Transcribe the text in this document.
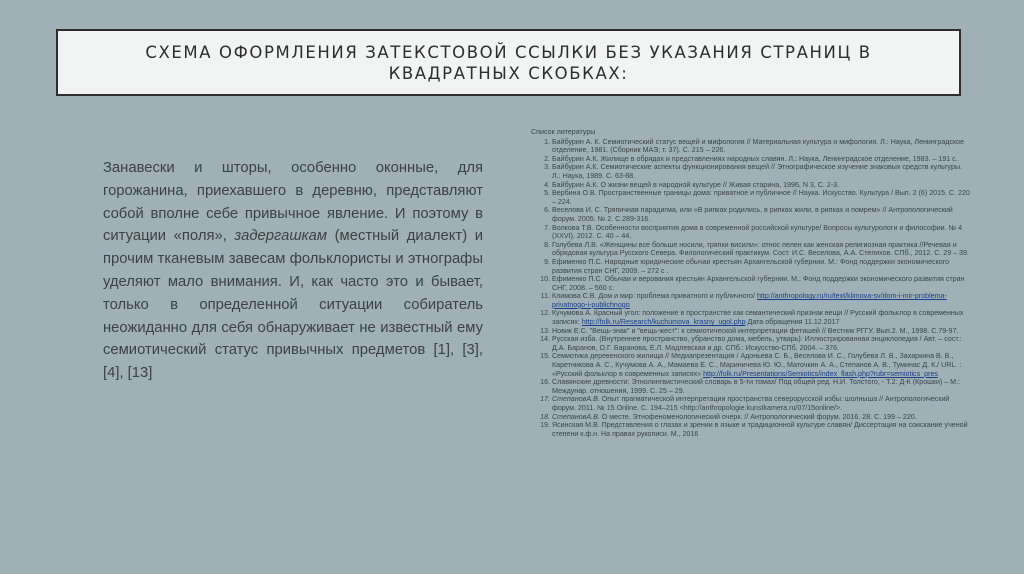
СХЕМА ОФОРМЛЕНИЯ ЗАТЕКСТОВОЙ ССЫЛКИ БЕЗ УКАЗАНИЯ СТРАНИЦ В КВАДРАТНЫХ СКОБКАХ:
Занавески и шторы, особенно оконные, для горожанина, приехавшего в деревню, представляют собой вполне себе привычное явление. И поэтому в ситуации «поля», задергашкам (местный диалект) и прочим тканевым завесам фольклористы и этнографы уделяют мало внимания. И, как часто это и бывает, только в определенной ситуации собиратель неожиданно для себя обнаруживает не известный ему семиотический статус привычных предметов [1], [3], [4], [13]
Список литературы
1. Байбурин А. К. Семиотический статус вещей и мифология // Материальная культура и мифология. Л.: Наука, Ленинградское отделение, 1981. (Сборник МАЭ; т. 37). С. 215 – 226.
2. Байбурин А.К. Жилище в обрядах и представлениях народных славян. Л.: Наука, Ленинградское отделение, 1983. – 191 с.
3. Байбурин А.К. Семиотические аспекты функционирования вещей // Этнографическое изучение знаковых средств культуры. Л.: Наука, 1989. С. 63-88.
4. Байбурин А.К. О жизни вещей в народной культуре // Живая старина, 1996, N 3, С. 2-3.
5. Вербина О.В. Пространственные границы дома: приватное и публичное // Наука. Искусство. Культура / Вып. 2 (6) 2015. С. 220 – 224.
6. Веселова И. С. Тряпичная парадигма, или «В рипках родились, в рипках жили, в рипках и помрем» // Антропологический форум. 2005. № 2. С.289-316.
7. Волкова Т.В. Особенности восприятия дома в современной российской культуре/ Вопросы культурологи и философии. № 4 (XXVI), 2012. С. 40 – 44.
8. Голубева Л.В. «Женщины все больше носили, тряпки висили»: относ пелен как женская религиозная практика //Речевая и обрядовая культура Русского Севера. Филологический практикум. Сост. И.С. Веселова, А.А. Степихов. СПб., 2012. С. 29 – 39.
9. Ефименко П.С. Народные юридические обычаи крестьян Архангельской губернии. М.: Фонд поддержки экономического развития стран СНГ, 2009. – 272 с .
10. Ефименко П.С. Обычаи и верования крестьян Архангельской губернии. М.: Фонд поддержки экономического развития стран СНГ, 2008. – 560 с.
11. Климова С.В. Дом и мир: проблема приватного и публичного/ http://anthropology.ru/ru/text/klimova-sv/dom-i-mir-problema-privatnogo-i-publichnogo
12. Кучумова А. Красный угол: положение в пространстве как семантический признак вещи // Русский фольклор в современных записях: http://folk.ru/Research/kuchumova_krasny_ugol.php Дата обращения 11.12.2017
13. Новик Е.С. "Вещь-знак" и "вещь-жест": к семиотической интерпретации фетишей // Вестник РГГУ. Вып.2. М., 1998. С.79-97.
14. Русская изба. (Внутреннее пространство, убранство дома, мебель, утварь): Иллюстрированная энциклопедия / Авт. – сост.: Д.А. Баранов, О.Г. Баранова, Е.Л. Мадлевская и др. СПб.: Искусство-СПб, 2004. – 376.
15. Семиотика деревенского жилища // Медиапрезентация / Адоньева С. Б., Веселова И. С., Голубева Л. В., Захаркина В. В., Каретникова А. С., Кучумова А. А., Мамаева Е. С., Мариничева Ю. Ю., Маточкин А. А., Степанов А. В., Туминас Д. К./ URL. : «Русский фольклор в современных записях» http://folk.ru/Presentations/Semiotics/index_flash.php?rubr=semiotics_pres
16. Славянские древности: Этнолингвистический словарь в 5-ти томах/ Под общей ред. Н.И. Толстого, - Т.2: Д-К (Крошки) – М.: Междунар. отношения, 1999. С. 25 – 29.
17. СтепановА.В. Опыт прагматической интерпретации пространства северорусской избы: шолныша // Антропологический форум. 2011. № 15 Online. С. 194–215 <http://anthropologie.kunstkamera.ru/07/15online/>.
18. СтепановА.В. О месте. Этнофеноменологический очерк. // Антропологический форум. 2016. 28. С. 199 – 220.
19. Ясинская М.В. Представления о глазах и зрении в языке и традиционной культуре славян/ Диссертация на соискание ученой степени к.ф.н. На правах рукописи. М., 2016
